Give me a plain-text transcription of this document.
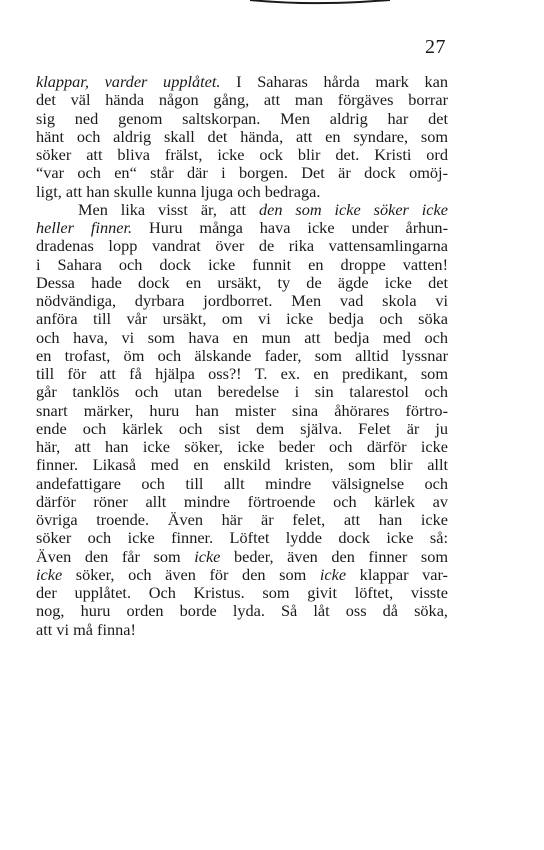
27
klappar, varder upplåtet. I Saharas hårda mark kan
det väl hända någon gång, att man förgäves borrar
sig ned genom saltskorpan. Men aldrig har det
hänt och aldrig skall det hända, att en syndare, som
söker att bliva frälst, icke ock blir det. Kristi ord
“var och en“ står där i borgen. Det är dock omöj-
ligt, att han skulle kunna ljuga och bedraga.
Men lika visst är, att den som icke söker icke
heller finner. Huru många hava icke under århun-
dradenas lopp vandrat över de rika vattensamlingarna
i Sahara och dock icke funnit en droppe vatten!
Dessa hade dock en ursäkt, ty de ägde icke det
nödvändiga, dyrbara jordborret. Men vad skola vi
anföra till vår ursäkt, om vi icke bedja och söka
och hava, vi som hava en mun att bedja med och
en trofast, öm och älskande fader, som alltid lyssnar
till för att få hjälpa oss?! T. ex. en predikant, som
går tanklös och utan beredelse i sin talarestol och
snart märker, huru han mister sina åhörares förtro-
ende och kärlek och sist dem själva. Felet är ju
här, att han icke söker, icke beder och därför icke
finner. Likaså med en enskild kristen, som blir allt
andefattigare och till allt mindre välsignelse och
därför röner allt mindre förtroende och kärlek av
övriga troende. Även här är felet, att han icke
söker och icke finner. Löftet lydde dock icke så:
Även den får som icke beder, även den finner som
icke söker, och även för den som icke klappar var-
der upplåtet. Och Kristus. som givit löftet, visste
nog, huru orden borde lyda. Så låt oss då söka,
att vi må finna!
